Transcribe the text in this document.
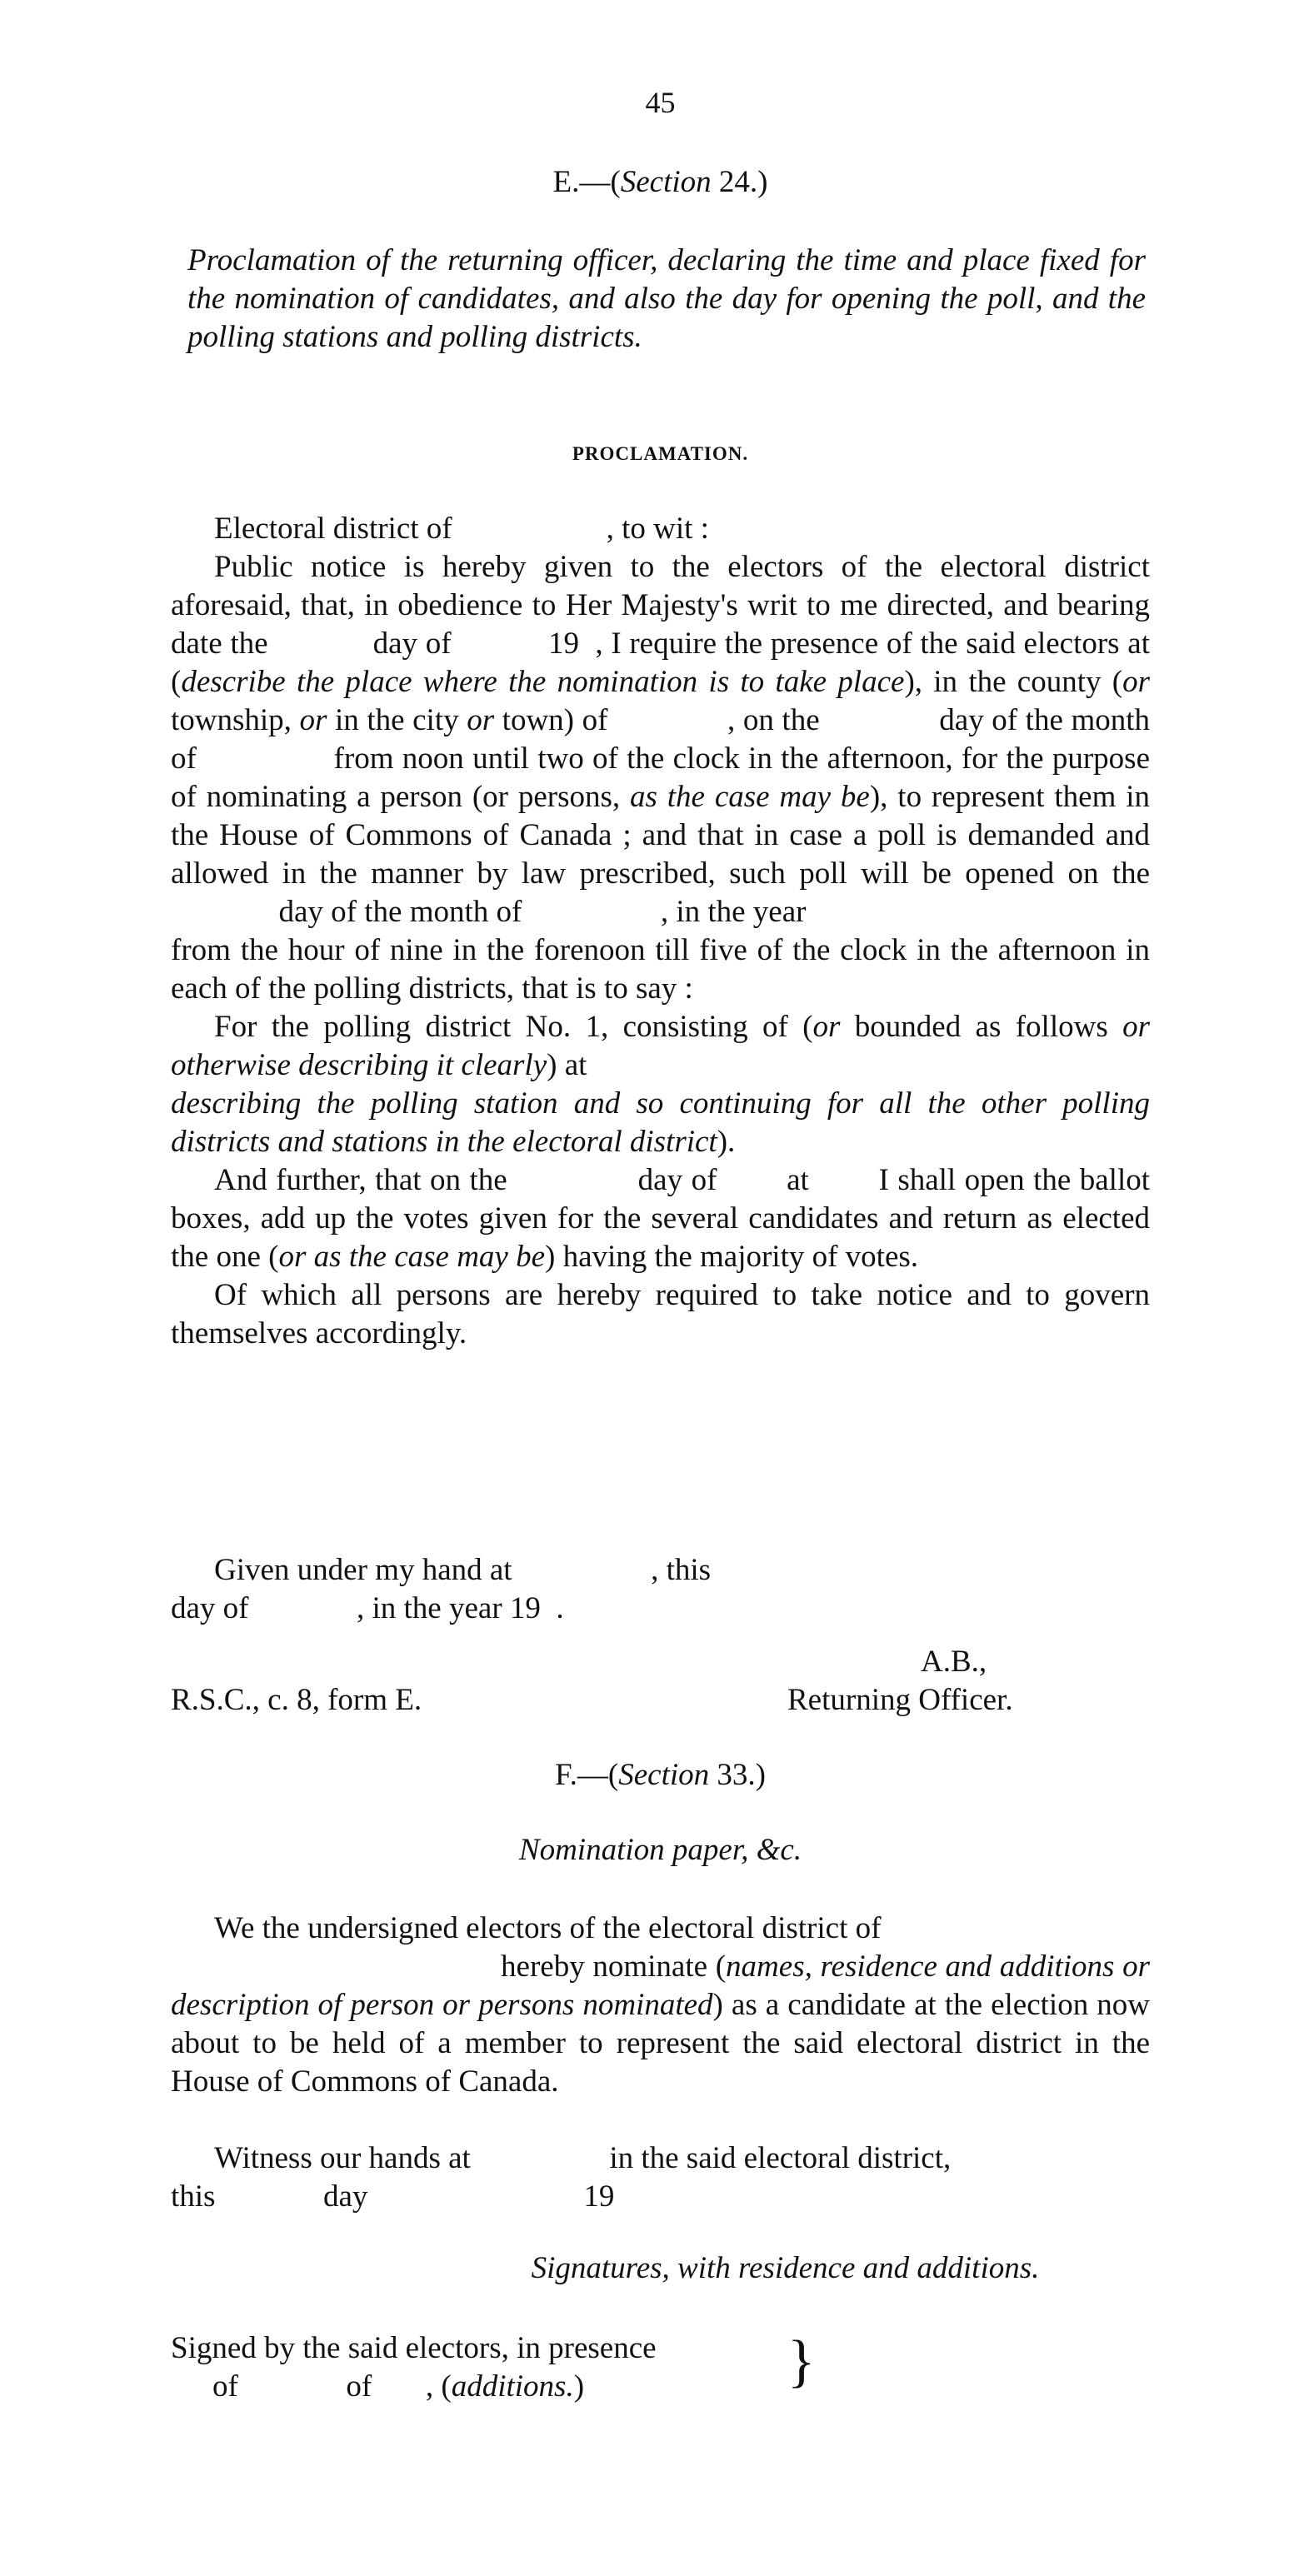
45
E.—(Section 24.)
Proclamation of the returning officer, declaring the time and place fixed for the nomination of candidates, and also the day for opening the poll, and the polling stations and polling districts.
PROCLAMATION.
Electoral district of                    , to wit :

Public notice is hereby given to the electors of the electoral district aforesaid, that, in obedience to Her Majesty's writ to me directed, and bearing date the             day of            19  , I require the presence of the said electors at (describe the place where the nomination is to take place), in the county (or township, or in the city or town) of               , on the               day of the month of                from noon until two of the clock in the afternoon, for the purpose of nominating a person (or persons, as the case may be), to represent them in the House of Commons of Canada ; and that in case a poll is demanded and allowed in the manner by law prescribed, such poll will be opened on the               day of the month of                  , in the year

from the hour of nine in the forenoon till five of the clock in the afternoon in each of the polling districts, that is to say :

For the polling district No. 1, consisting of (or bounded as follows or otherwise describing it clearly) at
describing the polling station and so continuing for all the other polling districts and stations in the electoral district).

And further, that on the               day of        at        I shall open the ballot boxes, add up the votes given for the several candidates and return as elected the one (or as the case may be) having the majority of votes.

Of which all persons are hereby required to take notice and to govern themselves accordingly.

Given under my hand at                  , this
day of              , in the year 19  .
A.B.,
R.S.C., c. 8, form E.	Returning Officer.
F.—(Section 33.)
Nomination paper, &c.

We the undersigned electors of the electoral district of
hereby nominate (names, residence and additions or description of person or persons nominated) as a candidate at the election now about to be held of a member to represent the said electoral district in the House of Commons of Canada.

Witness our hands at                  in the said electoral district,
this              day                            19
Signatures, with residence and additions.
Signed by the said electors, in presence
of              of       , (additions.)	}
